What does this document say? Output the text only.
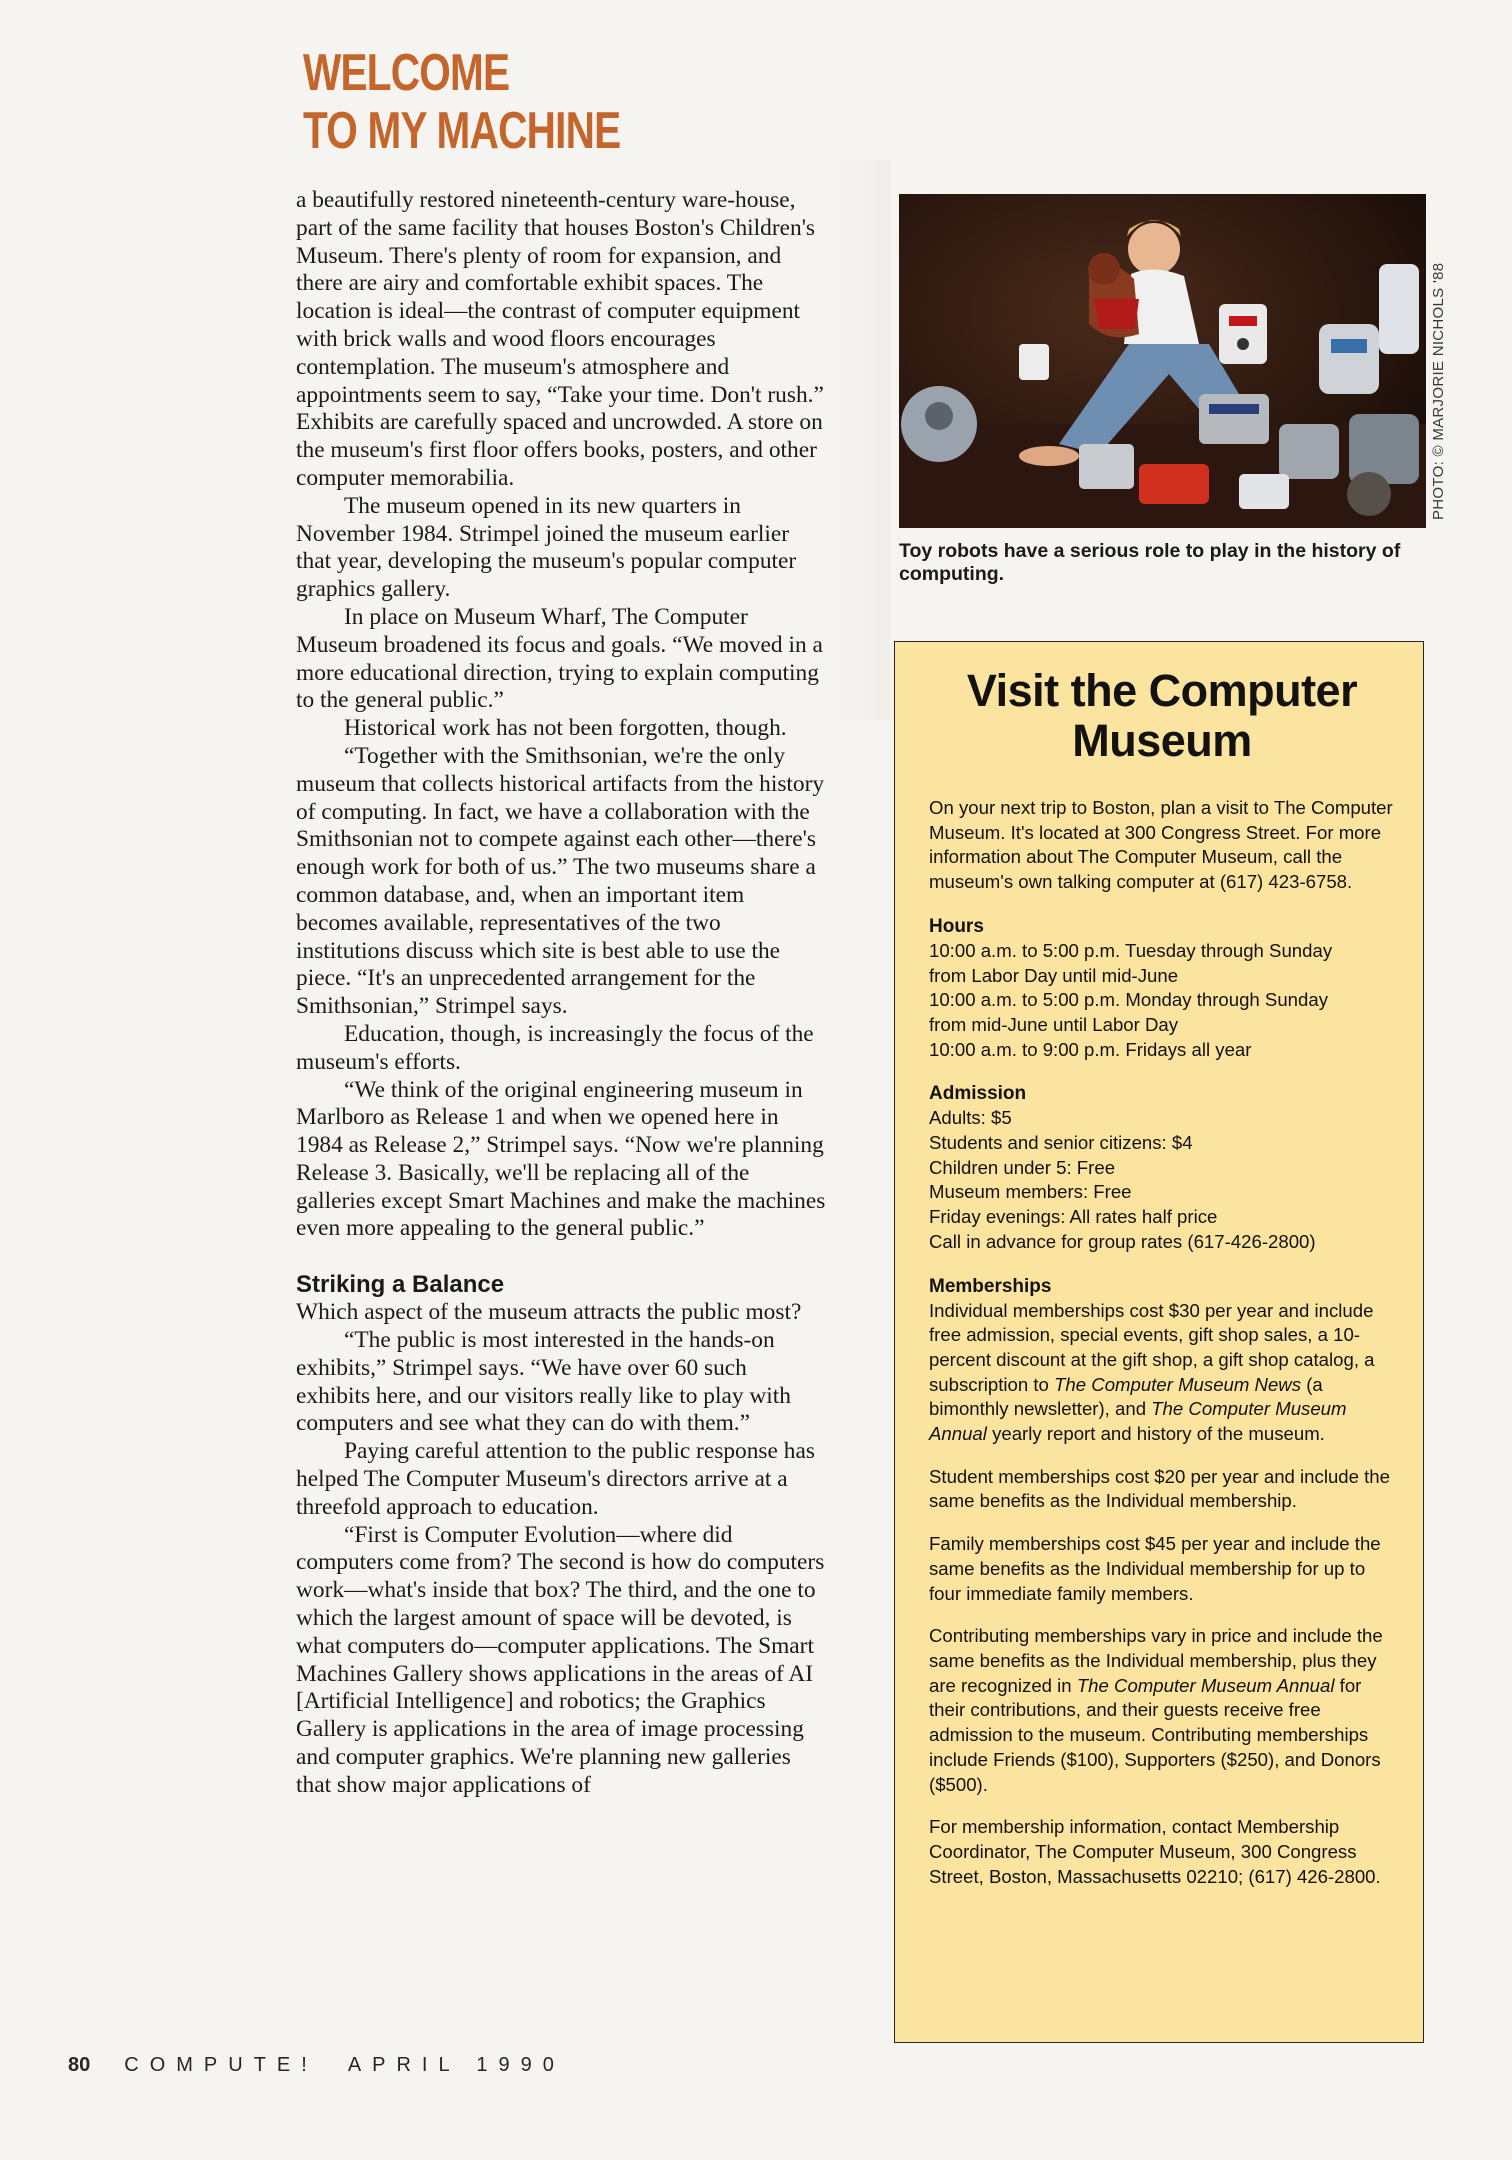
WELCOME
TO MY MACHINE

a beautifully restored nineteenth-century ware-house, part of the same facility that houses Boston's Children's Museum. There's plenty of room for expansion, and there are airy and comfortable exhibit spaces. The location is ideal—the contrast of computer equipment with brick walls and wood floors encourages contemplation. The museum's atmosphere and appointments seem to say, “Take your time. Don't rush.” Exhibits are carefully spaced and uncrowded. A store on the museum's first floor offers books, posters, and other computer memorabilia.

The museum opened in its new quarters in November 1984. Strimpel joined the museum earlier that year, developing the museum's popular computer graphics gallery.

In place on Museum Wharf, The Computer Museum broadened its focus and goals. “We moved in a more educational direction, trying to explain computing to the general public.”

Historical work has not been forgotten, though.

“Together with the Smithsonian, we're the only museum that collects historical artifacts from the history of computing. In fact, we have a collaboration with the Smithsonian not to compete against each other—there's enough work for both of us.” The two museums share a common database, and, when an important item becomes available, representatives of the two institutions discuss which site is best able to use the piece. “It's an unprecedented arrangement for the Smithsonian,” Strimpel says.

Education, though, is increasingly the focus of the museum's efforts.

“We think of the original engineering museum in Marlboro as Release 1 and when we opened here in 1984 as Release 2,” Strimpel says. “Now we're planning Release 3. Basically, we'll be replacing all of the galleries except Smart Machines and make the machines even more appealing to the general public.”

Striking a Balance

Which aspect of the museum attracts the public most?

“The public is most interested in the hands-on exhibits,” Strimpel says. “We have over 60 such exhibits here, and our visitors really like to play with computers and see what they can do with them.”

Paying careful attention to the public response has helped The Computer Museum's directors arrive at a threefold approach to education.

“First is Computer Evolution—where did computers come from? The second is how do computers work—what's inside that box? The third, and the one to which the largest amount of space will be devoted, is what computers do—computer applications. The Smart Machines Gallery shows applications in the areas of AI [Artificial Intelligence] and robotics; the Graphics Gallery is applications in the area of image processing and computer graphics. We're planning new galleries that show major applications of

PHOTO: © MARJORIE NICHOLS '88
Toy robots have a serious role to play in the history of computing.
Visit the Computer Museum

On your next trip to Boston, plan a visit to The Computer Museum. It's located at 300 Congress Street. For more information about The Computer Museum, call the museum's own talking computer at (617) 423-6758.

Hours
10:00 a.m. to 5:00 p.m. Tuesday through Sunday
from Labor Day until mid-June
10:00 a.m. to 5:00 p.m. Monday through Sunday
from mid-June until Labor Day
10:00 a.m. to 9:00 p.m. Fridays all year
Admission
Adults: $5
Students and senior citizens: $4
Children under 5: Free
Museum members: Free
Friday evenings: All rates half price
Call in advance for group rates (617-426-2800)
Memberships

Individual memberships cost $30 per year and include free admission, special events, gift shop sales, a 10-percent discount at the gift shop, a gift shop catalog, a subscription to The Computer Museum News (a bimonthly newsletter), and The Computer Museum Annual yearly report and history of the museum.

Student memberships cost $20 per year and include the same benefits as the Individual membership.

Family memberships cost $45 per year and include the same benefits as the Individual membership for up to four immediate family members.

Contributing memberships vary in price and include the same benefits as the Individual membership, plus they are recognized in The Computer Museum Annual for their contributions, and their guests receive free admission to the museum. Contributing memberships include Friends ($100), Supporters ($250), and Donors ($500).

For membership information, contact Membership Coordinator, The Computer Museum, 300 Congress Street, Boston, Massachusetts 02210; (617) 426-2800.

80 COMPUTE! APRIL 1990
